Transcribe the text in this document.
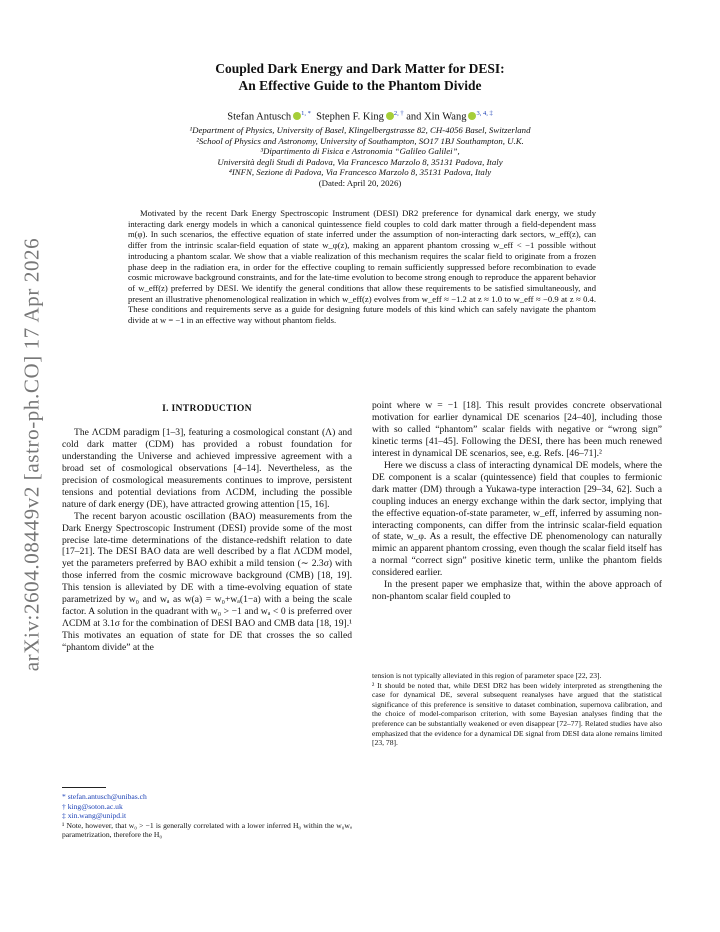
arXiv:2604.08449v2 [astro-ph.CO] 17 Apr 2026
Coupled Dark Energy and Dark Matter for DESI:
An Effective Guide to the Phantom Divide
Stefan Antusch $^{1, *}$ Stephen F. King $^{2, \dagger}$ and Xin Wang $^{3, 4, \ddagger}$
¹Department of Physics, University of Basel, Klingelbergstrasse 82, CH-4056 Basel, Switzerland
²School of Physics and Astronomy, University of Southampton, SO17 1BJ Southampton, U.K.
³Dipartimento di Fisica e Astronomia “Galileo Galilei”,
Università degli Studi di Padova, Via Francesco Marzolo 8, 35131 Padova, Italy
⁴INFN, Sezione di Padova, Via Francesco Marzolo 8, 35131 Padova, Italy
(Dated: April 20, 2026)
Motivated by the recent Dark Energy Spectroscopic Instrument (DESI) DR2 preference for dynamical dark energy, we study interacting dark energy models in which a canonical quintessence field couples to cold dark matter through a field-dependent mass m(φ). In such scenarios, the effective equation of state inferred under the assumption of non-interacting dark sectors, w_eff(z), can differ from the intrinsic scalar-field equation of state w_φ(z), making an apparent phantom crossing w_eff < −1 possible without introducing a phantom scalar. We show that a viable realization of this mechanism requires the scalar field to originate from a frozen phase deep in the radiation era, in order for the effective coupling to remain sufficiently suppressed before recombination to evade cosmic microwave background constraints, and for the late-time evolution to become strong enough to reproduce the apparent behavior of w_eff(z) preferred by DESI. We identify the general conditions that allow these requirements to be satisfied simultaneously, and present an illustrative phenomenological realization in which w_eff(z) evolves from w_eff ≈ −1.2 at z ≈ 1.0 to w_eff ≈ −0.9 at z ≈ 0.4. These conditions and requirements serve as a guide for designing future models of this kind which can safely navigate the phantom divide at w = −1 in an effective way without phantom fields.
I. INTRODUCTION

The ΛCDM paradigm [1–3], featuring a cosmological constant (Λ) and cold dark matter (CDM) has provided a robust foundation for understanding the Universe and achieved impressive agreement with a broad set of cosmological observations [4–14]. Nevertheless, as the precision of cosmological measurements continues to improve, persistent tensions and potential deviations from ΛCDM, including the possible nature of dark energy (DE), have attracted growing attention [15, 16].

The recent baryon acoustic oscillation (BAO) measurements from the Dark Energy Spectroscopic Instrument (DESI) provide some of the most precise late-time determinations of the distance-redshift relation to date [17–21]. The DESI BAO data are well described by a flat ΛCDM model, yet the parameters preferred by BAO exhibit a mild tension (∼ 2.3σ) with those inferred from the cosmic microwave background (CMB) [18, 19]. This tension is alleviated by DE with a time-evolving equation of state parametrized by w₀ and wₐ as w(a) = w₀+wₐ(1−a) with a being the scale factor. A solution in the quadrant with w₀ > −1 and wₐ < 0 is preferred over ΛCDM at 3.1σ for the combination of DESI BAO and CMB data [18, 19].¹ This motivates an equation of state for DE that crosses the so called “phantom divide” at the

point where w = −1 [18]. This result provides concrete observational motivation for earlier dynamical DE scenarios [24–40], including those with so called “phantom” scalar fields with negative or “wrong sign” kinetic terms [41–45]. Following the DESI, there has been much renewed interest in dynamical DE scenarios, see, e.g. Refs. [46–71].²

Here we discuss a class of interacting dynamical DE models, where the DE component is a scalar (quintessence) field that couples to fermionic dark matter (DM) through a Yukawa-type interaction [29–34, 62]. Such a coupling induces an energy exchange within the dark sector, implying that the effective equation-of-state parameter, w_eff, inferred by assuming non-interacting components, can differ from the intrinsic scalar-field equation of state, w_φ. As a result, the effective DE phenomenology can naturally mimic an apparent phantom crossing, even though the scalar field itself has a normal “correct sign” positive kinetic term, unlike the phantom fields considered earlier.

In the present paper we emphasize that, within the above approach of non-phantom scalar field coupled to

* stefan.antusch@unibas.ch

† king@soton.ac.uk

‡ xin.wang@unipd.it

¹ Note, however, that w₀ > −1 is generally correlated with a lower inferred H₀ within the w₀wₐ parametrization, therefore the H₀

tension is not typically alleviated in this region of parameter space [22, 23].

² It should be noted that, while DESI DR2 has been widely interpreted as strengthening the case for dynamical DE, several subsequent reanalyses have argued that the statistical significance of this preference is sensitive to dataset combination, supernova calibration, and the choice of model-comparison criterion, with some Bayesian analyses finding that the preference can be substantially weakened or even disappear [72–77]. Related studies have also emphasized that the evidence for a dynamical DE signal from DESI data alone remains limited [23, 78].
